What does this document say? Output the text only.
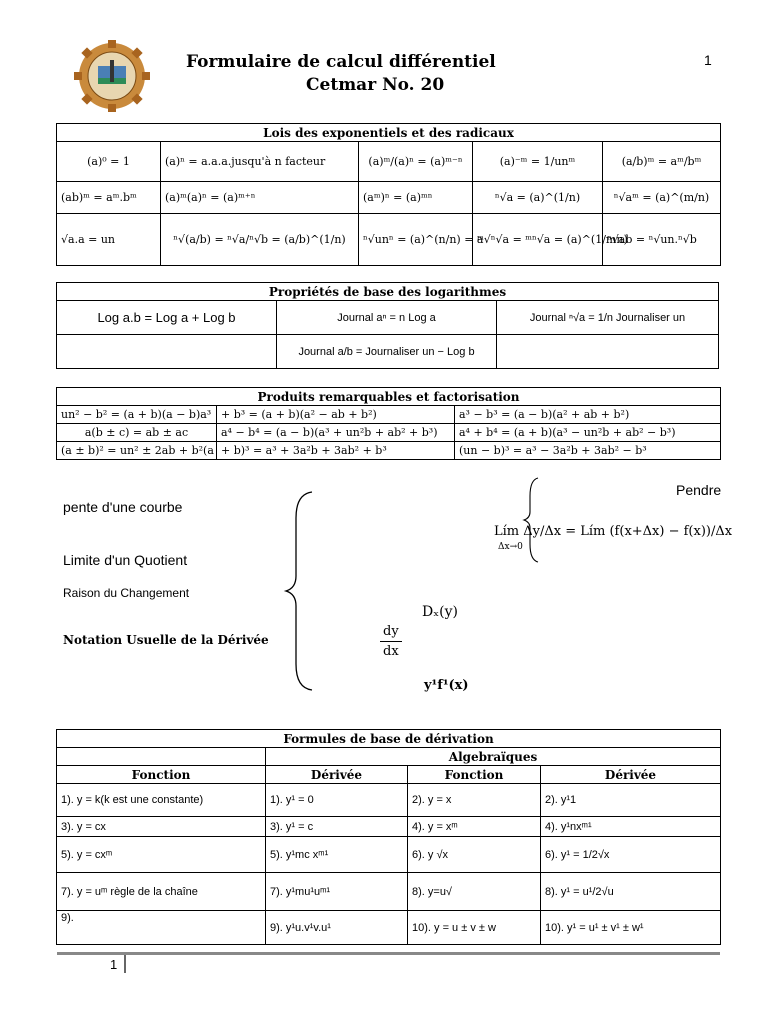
Formulaire de calcul différentiel
Cetmar No. 20
1
Lois des exponentiels et des radicaux				
(a)⁰ = 1	(a)ⁿ = a.a.a.jusqu'à n facteur	(a)ᵐ/(a)ⁿ = (a)ᵐ⁻ⁿ	(a)⁻ᵐ = 1/unᵐ	(a/b)ᵐ = aᵐ/bᵐ
(ab)ᵐ = aᵐ.bᵐ	(a)ᵐ(a)ⁿ = (a)ᵐ⁺ⁿ	(aᵐ)ⁿ = (a)ᵐⁿ	ⁿ√a = (a)^(1/n)	ⁿ√aᵐ = (a)^(m/n)
√a.a = un	ⁿ√(a/b) = ⁿ√a/ⁿ√b = (a/b)^(1/n)	ⁿ√unⁿ = (a)^(n/n) = a	ᵐ√ⁿ√a = ᵐⁿ√a = (a)^(1/mn)	ⁿ√ab = ⁿ√un.ⁿ√b
Propriétés de base des logarithmes		
Log a.b = Log a + Log b	Journal aⁿ = n Log a	Journal ⁿ√a = 1/n Journaliser un
	Journal a/b = Journaliser un − Log b	
Produits remarquables et factorisation		
un² − b² = (a + b)(a − b)a³	+ b³ = (a + b)(a² − ab + b²)	a³ − b³ = (a − b)(a² + ab + b²)
a(b ± c) = ab ± ac	a⁴ − b⁴ = (a − b)(a³ + un²b + ab² + b³)	a⁴ + b⁴ = (a + b)(a³ − un²b + ab² − b³)
(a ± b)² = un² ± 2ab + b²(a	+ b)³ = a³ + 3a²b + 3ab² + b³	(un − b)³ = a³ − 3a²b + 3ab² − b³
pente d'une courbe
Limite d'un Quotient
Raison du Changement
Notation Usuelle de la Dérivée
Pendre
Lím Δy/Δx = Lím (f(x+Δx) − f(x))/Δx
Δx→0
Dₓ(y)
dy
dx
y¹f¹(x)
Formules de base de dérivation			
	Algebraïques		
Fonction	Dérivée	Fonction	Dérivée
1). y = k(k est une constante)	1). y¹ = 0	2). y = x	2). y¹1
3). y = cx	3). y¹ = c	4). y = xᵐ	4). y¹nxᵐ¹
5). y = cxᵐ	5). y¹mc xᵐ¹	6). y √x	6). y¹ = 1/2√x
7). y = uᵐ règle de la chaîne	7). y¹mu¹uᵐ¹	8). y=u√	8). y¹ = u¹/2√u
9).	9). y¹u.v¹v.u¹	10). y = u ± v ± w	10). y¹ = u¹ ± v¹ ± w¹
1
